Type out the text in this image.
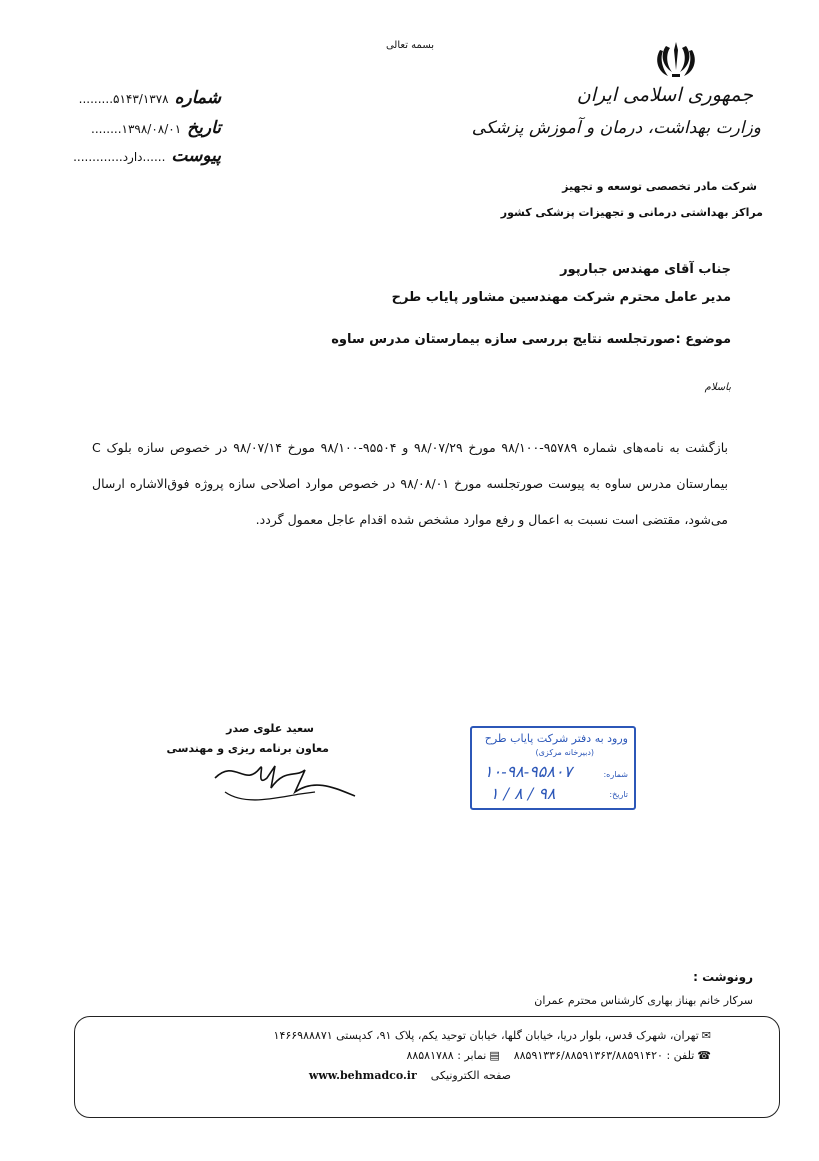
بسمه تعالی
جمهوری اسلامی ایران
وزارت بهداشت، درمان و آموزش پزشکی
شماره
۵۱۴۳/۱۳۷۸.........
تاریخ
۱۳۹۸/۰۸/۰۱........
پیوست
......دارد.............
شرکت مادر تخصصی توسعه و تجهیز
مراکز بهداشتی درمانی و تجهیزات پزشکی کشور
جناب آقای مهندس جبارپور
مدیر عامل محترم شرکت مهندسین مشاور پایاب طرح
موضوع :صورتجلسه نتایج بررسی سازه بیمارستان مدرس ساوه
باسلام
بازگشت به نامه‌های شماره ۹۵۷۸۹-۹۸/۱۰۰ مورخ ۹۸/۰۷/۲۹ و ۹۵۵۰۴-۹۸/۱۰۰ مورخ ۹۸/۰۷/۱۴ در خصوص سازه بلوک C بیمارستان مدرس ساوه به پیوست صورتجلسه مورخ ۹۸/۰۸/۰۱ در خصوص موارد اصلاحی سازه پروژه فوق‌الاشاره ارسال می‌شود، مقتضی است نسبت به اعمال و رفع موارد مشخص شده اقدام عاجل معمول گردد.
سعید علوی صدر
معاون برنامه ریزی و مهندسی
ورود به دفتر شرکت پایاب طرح
(دبیرخانه مرکزی)
شماره:
تاریخ:
۱۰-۹۸-۹۵۸۰۷
۱ / ۸ / ۹۸
رونوشت :
سرکار خانم بهناز بهاری کارشناس محترم عمران
✉تهران، شهرک قدس، بلوار دریا، خیابان گلها، خیابان توحید یکم، پلاک ۹۱، کدپستی ۱۴۶۶۹۸۸۸۷۱
☎تلفن : ۸۸۵۹۱۳۳۶/۸۸۵۹۱۳۶۳/۸۸۵۹۱۴۲۰▤نمابر : ۸۸۵۸۱۷۸۸
صفحه الکترونیکیwww.behmadco.ir
